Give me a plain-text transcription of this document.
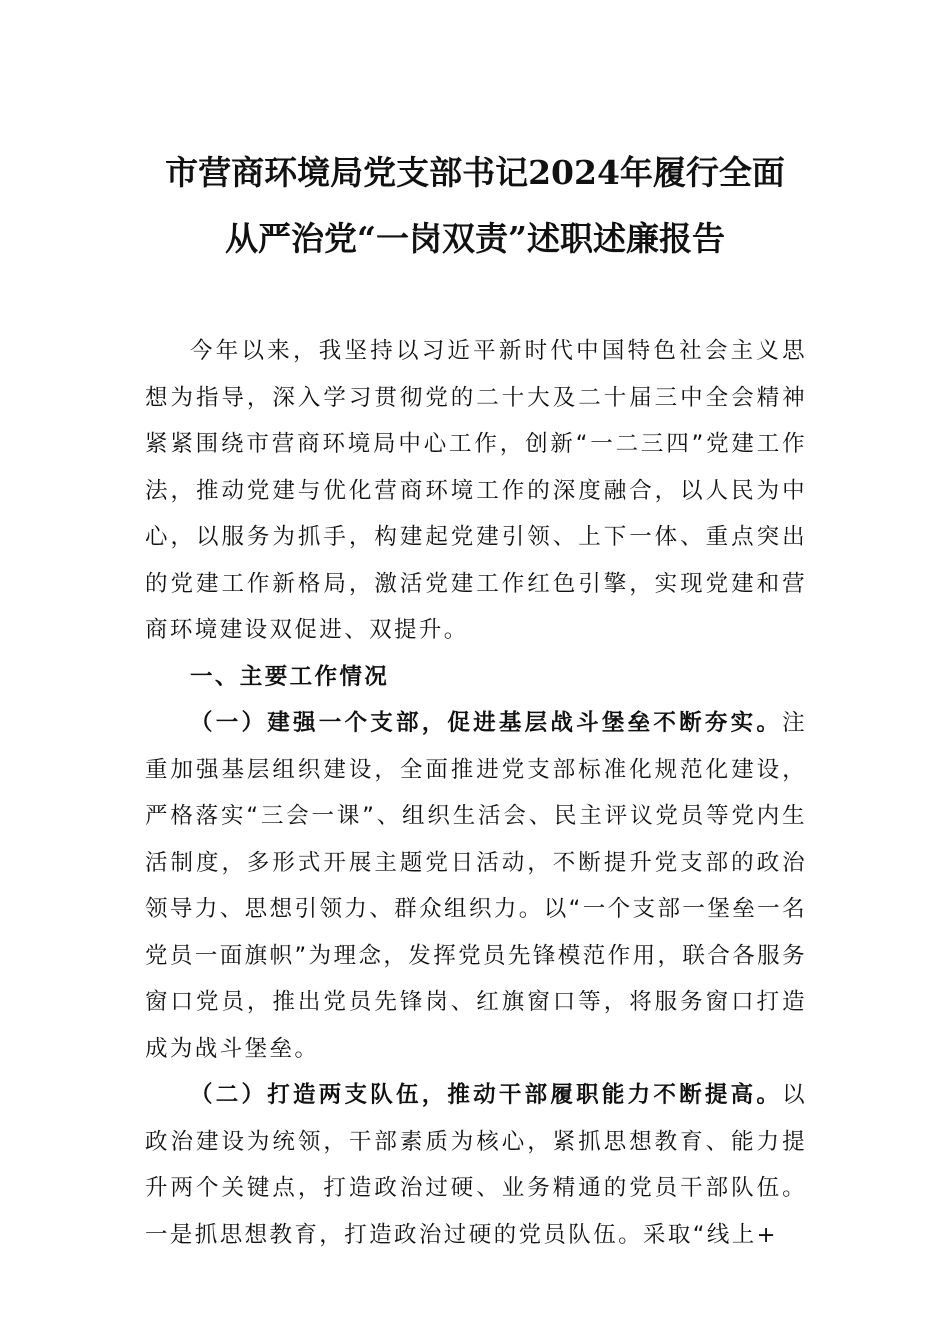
市营商环境局党支部书记2024年履行全面
从严治党“一岗双责”述职述廉报告

今年以来，我坚持以习近平新时代中国特色社会主义思想为指导，深入学习贯彻党的二十大及二十届三中全会精神紧紧围绕市营商环境局中心工作，创新“一二三四”党建工作法，推动党建与优化营商环境工作的深度融合，以人民为中心，以服务为抓手，构建起党建引领、上下一体、重点突出的党建工作新格局，激活党建工作红色引擎，实现党建和营商环境建设双促进、双提升。

一、主要工作情况

（一）建强一个支部，促进基层战斗堡垒不断夯实。注重加强基层组织建设，全面推进党支部标准化规范化建设，严格落实“三会一课”、组织生活会、民主评议党员等党内生活制度，多形式开展主题党日活动，不断提升党支部的政治领导力、思想引领力、群众组织力。以“一个支部一堡垒一名党员一面旗帜”为理念，发挥党员先锋模范作用，联合各服务窗口党员，推出党员先锋岗、红旗窗口等，将服务窗口打造成为战斗堡垒。

（二）打造两支队伍，推动干部履职能力不断提高。以政治建设为统领，干部素质为核心，紧抓思想教育、能力提升两个关键点，打造政治过硬、业务精通的党员干部队伍。一是抓思想教育，打造政治过硬的党员队伍。采取“线上+
